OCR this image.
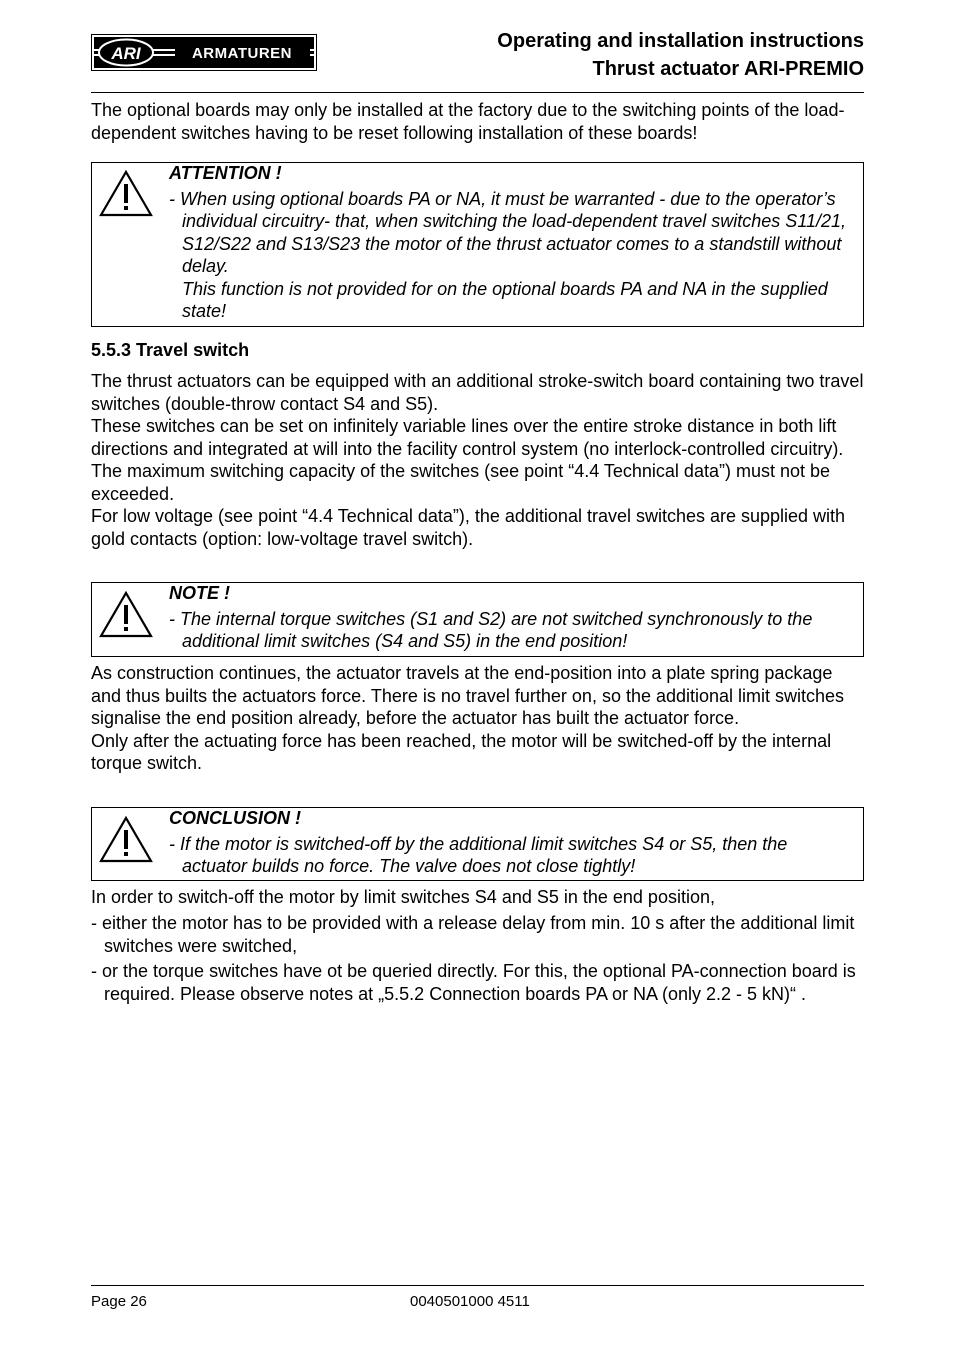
ARI	ARMATUREN
Operating and installation instructions
Thrust actuator ARI-PREMIO
The optional boards may only be installed at the factory due to the switching points of the load-dependent switches having to be reset following installation of these boards!
ATTENTION !
- When using optional boards PA or NA, it must be warranted - due to the operator’s individual circuitry- that, when switching the load-dependent travel switches S11/21, S12/S22 and S13/S23 the motor of the thrust actuator comes to a standstill without delay.
This function is not provided for on the optional boards PA and NA in the supplied state!
5.5.3 Travel switch

The thrust actuators can be equipped with an additional stroke-switch board containing two travel switches (double-throw contact S4 and S5).

These switches can be set on infinitely variable lines over the entire stroke distance in both lift directions and integrated at will into the facility control system (no interlock-controlled circuitry).

The maximum switching capacity of the switches (see point “4.4 Technical data”) must not be exceeded.

For low voltage (see point “4.4 Technical data”), the additional travel switches are supplied with gold contacts (option: low-voltage travel switch).

NOTE !
- The internal torque switches (S1 and S2) are not switched synchronously to the additional limit switches (S4 and S5) in the end position!

As construction continues, the actuator travels at the end-position into a plate spring package and thus builts the actuators force. There is no travel further on, so the additional limit switches signalise the end position already, before the actuator has built the actuator force.

Only after the actuating force has been reached, the motor will be switched-off by the internal torque switch.

CONCLUSION !
- If the motor is switched-off by the additional limit switches S4 or S5, then the actuator builds no force. The valve does not close tightly!
In order to switch-off the motor by limit switches S4 and S5 in the end position,
- either the motor has to be provided with a release delay from min. 10 s after the additional limit switches were switched,
- or the torque switches have ot be queried directly. For this, the optional PA-connection board is required. Please observe notes at „5.5.2 Connection boards PA or NA (only 2.2 - 5 kN)“ .
Page 26	0040501000 4511
